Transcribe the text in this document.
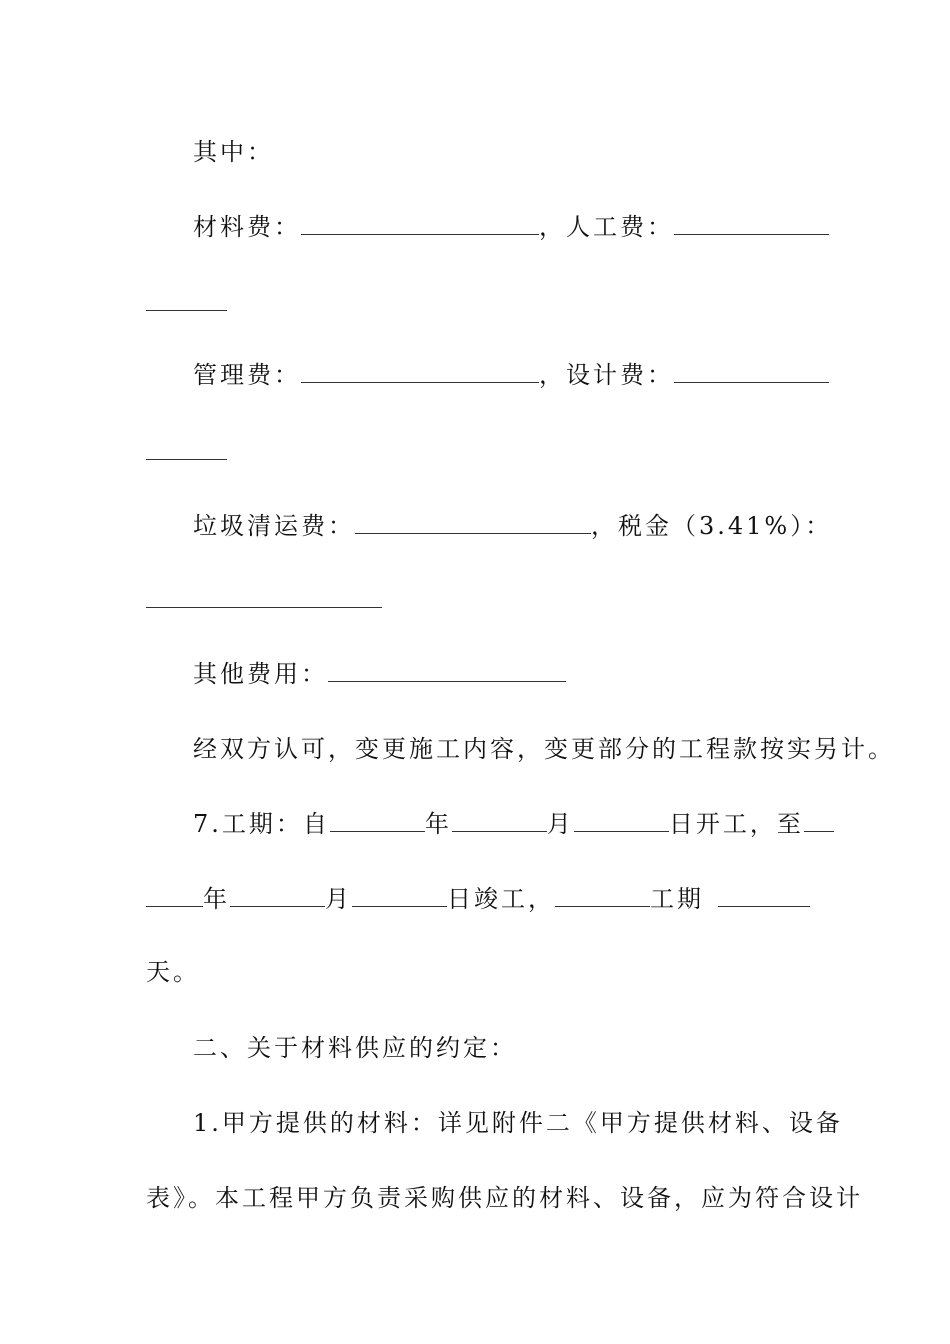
其中：
材料费：	，人工费：
管理费：	，设计费：
垃圾清运费：	，税金（3.41%）：
其他费用：
经双方认可，变更施工内容，变更部分的工程款按实另计。
7.工期：自	年	月	日开工，至
年	月	日竣工，	工期
天。
二、关于材料供应的约定：
1.甲方提供的材料：详见附件二《甲方提供材料、设备
表》。本工程甲方负责采购供应的材料、设备，应为符合设计
